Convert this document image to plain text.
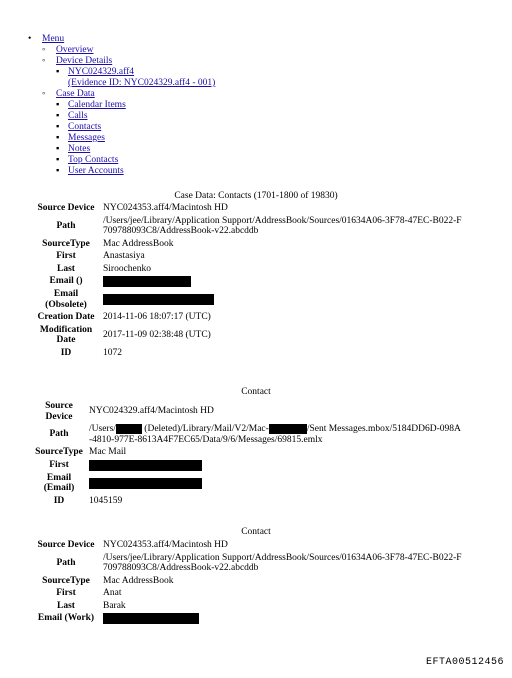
• Menu
◦ Overview
◦ Device Details
▪ NYC024329.aff4
(Evidence ID: NYC024329.aff4 - 001)
◦ Case Data
▪ Calendar Items
▪ Calls
▪ Contacts
▪ Messages
▪ Notes
▪ Top Contacts
▪ User Accounts
Case Data: Contacts (1701-1800 of 19830)
Source Device	NYC024353.aff4/Macintosh HD
Path	/Users/jee/Library/Application Support/AddressBook/Sources/01634A06-3F78-47EC-B022-F
709788093C8/AddressBook-v22.abcddb
SourceType	Mac AddressBook
First	Anastasiya
Last	Siroochenko
Email ()	
Email (Obsolete)	
Creation Date	2014-11-06 18:07:17 (UTC)
Modification Date	2017-11-09 02:38:48 (UTC)
ID	1072
Contact
Source Device	NYC024329.aff4/Macintosh HD
Path	/Users/ (Deleted)/Library/Mail/V2/Mac- /Sent Messages.mbox/5184DD6D-098A
-4810-977E-8613A4F7EC65/Data/9/6/Messages/69815.emlx
SourceType	Mac Mail
First	
Email (Email)	
ID	1045159
Contact
Source Device	NYC024353.aff4/Macintosh HD
Path	/Users/jee/Library/Application Support/AddressBook/Sources/01634A06-3F78-47EC-B022-F
709788093C8/AddressBook-v22.abcddb
SourceType	Mac AddressBook
First	Anat
Last	Barak
Email (Work)	
EFTA00512456
